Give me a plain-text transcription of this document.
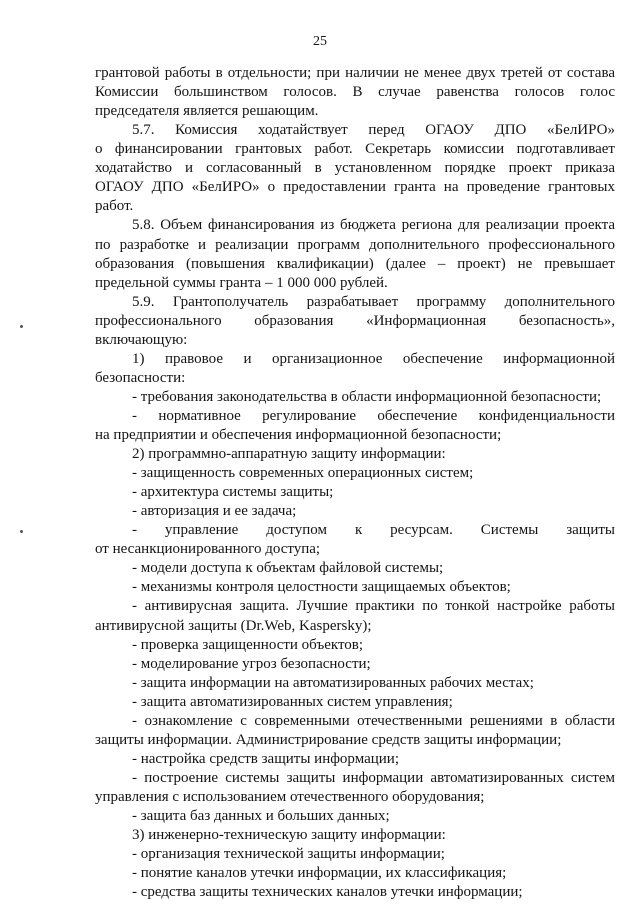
25
грантовой работы в отдельности; при наличии не менее двух третей от состава
Комиссии большинством голосов. В случае равенства голосов голос
председателя является решающим.
5.7. Комиссия ходатайствует перед ОГАОУ ДПО «БелИРО»
о финансировании грантовых работ. Секретарь комиссии подготавливает
ходатайство и согласованный в установленном порядке проект приказа
ОГАОУ ДПО «БелИРО» о предоставлении гранта на проведение грантовых
работ.
5.8. Объем финансирования из бюджета региона для реализации проекта
по разработке и реализации программ дополнительного профессионального
образования (повышения квалификации) (далее – проект) не превышает
предельной суммы гранта – 1 000 000 рублей.
5.9. Грантополучатель разрабатывает программу дополнительного
профессионального образования «Информационная безопасность»,
включающую:
1) правовое и организационное обеспечение информационной
безопасности:
- требования законодательства в области информационной безопасности;
- нормативное регулирование обеспечение конфиденциальности
на предприятии и обеспечения информационной безопасности;
2) программно-аппаратную защиту информации:
- защищенность современных операционных систем;
- архитектура системы защиты;
- авторизация и ее задача;
- управление доступом к ресурсам. Системы защиты
от несанкционированного доступа;
- модели доступа к объектам файловой системы;
- механизмы контроля целостности защищаемых объектов;
- антивирусная защита. Лучшие практики по тонкой настройке работы
антивирусной защиты (Dr.Web, Kaspersky);
- проверка защищенности объектов;
- моделирование угроз безопасности;
- защита информации на автоматизированных рабочих местах;
- защита автоматизированных систем управления;
- ознакомление с современными отечественными решениями в области
защиты информации. Администрирование средств защиты информации;
- настройка средств защиты информации;
- построение системы защиты информации автоматизированных систем
управления с использованием отечественного оборудования;
- защита баз данных и больших данных;
3) инженерно-техническую защиту информации:
- организация технической защиты информации;
- понятие каналов утечки информации, их классификация;
- средства защиты технических каналов утечки информации;
